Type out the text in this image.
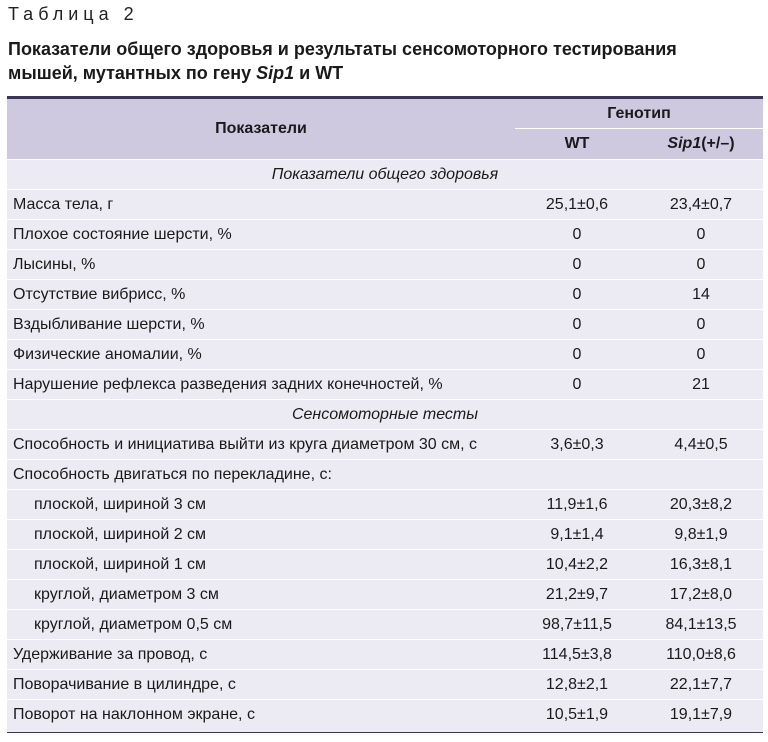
Таблица 2
Показатели общего здоровья и результаты сенсомоторного тестирования мышей, мутантных по гену Sip1 и WT
Показатели
Генотип
WT	Sip1(+/–)
Показатели общего здоровья
Масса тела, г	25,1±0,6	23,4±0,7
Плохое состояние шерсти, %	0	0
Лысины, %	0	0
Отсутствие вибрисс, %	0	14
Вздыбливание шерсти, %	0	0
Физические аномалии, %	0	0
Нарушение рефлекса разведения задних конечностей, %	0	21
Сенсомоторные тесты
Способность и инициатива выйти из круга диаметром 30 см, с	3,6±0,3	4,4±0,5
Способность двигаться по перекладине, с:
плоской, шириной 3 см	11,9±1,6	20,3±8,2
плоской, шириной 2 см	9,1±1,4	9,8±1,9
плоской, шириной 1 см	10,4±2,2	16,3±8,1
круглой, диаметром 3 см	21,2±9,7	17,2±8,0
круглой, диаметром 0,5 см	98,7±11,5	84,1±13,5
Удерживание за провод, с	114,5±3,8	110,0±8,6
Поворачивание в цилиндре, с	12,8±2,1	22,1±7,7
Поворот на наклонном экране, с	10,5±1,9	19,1±7,9
